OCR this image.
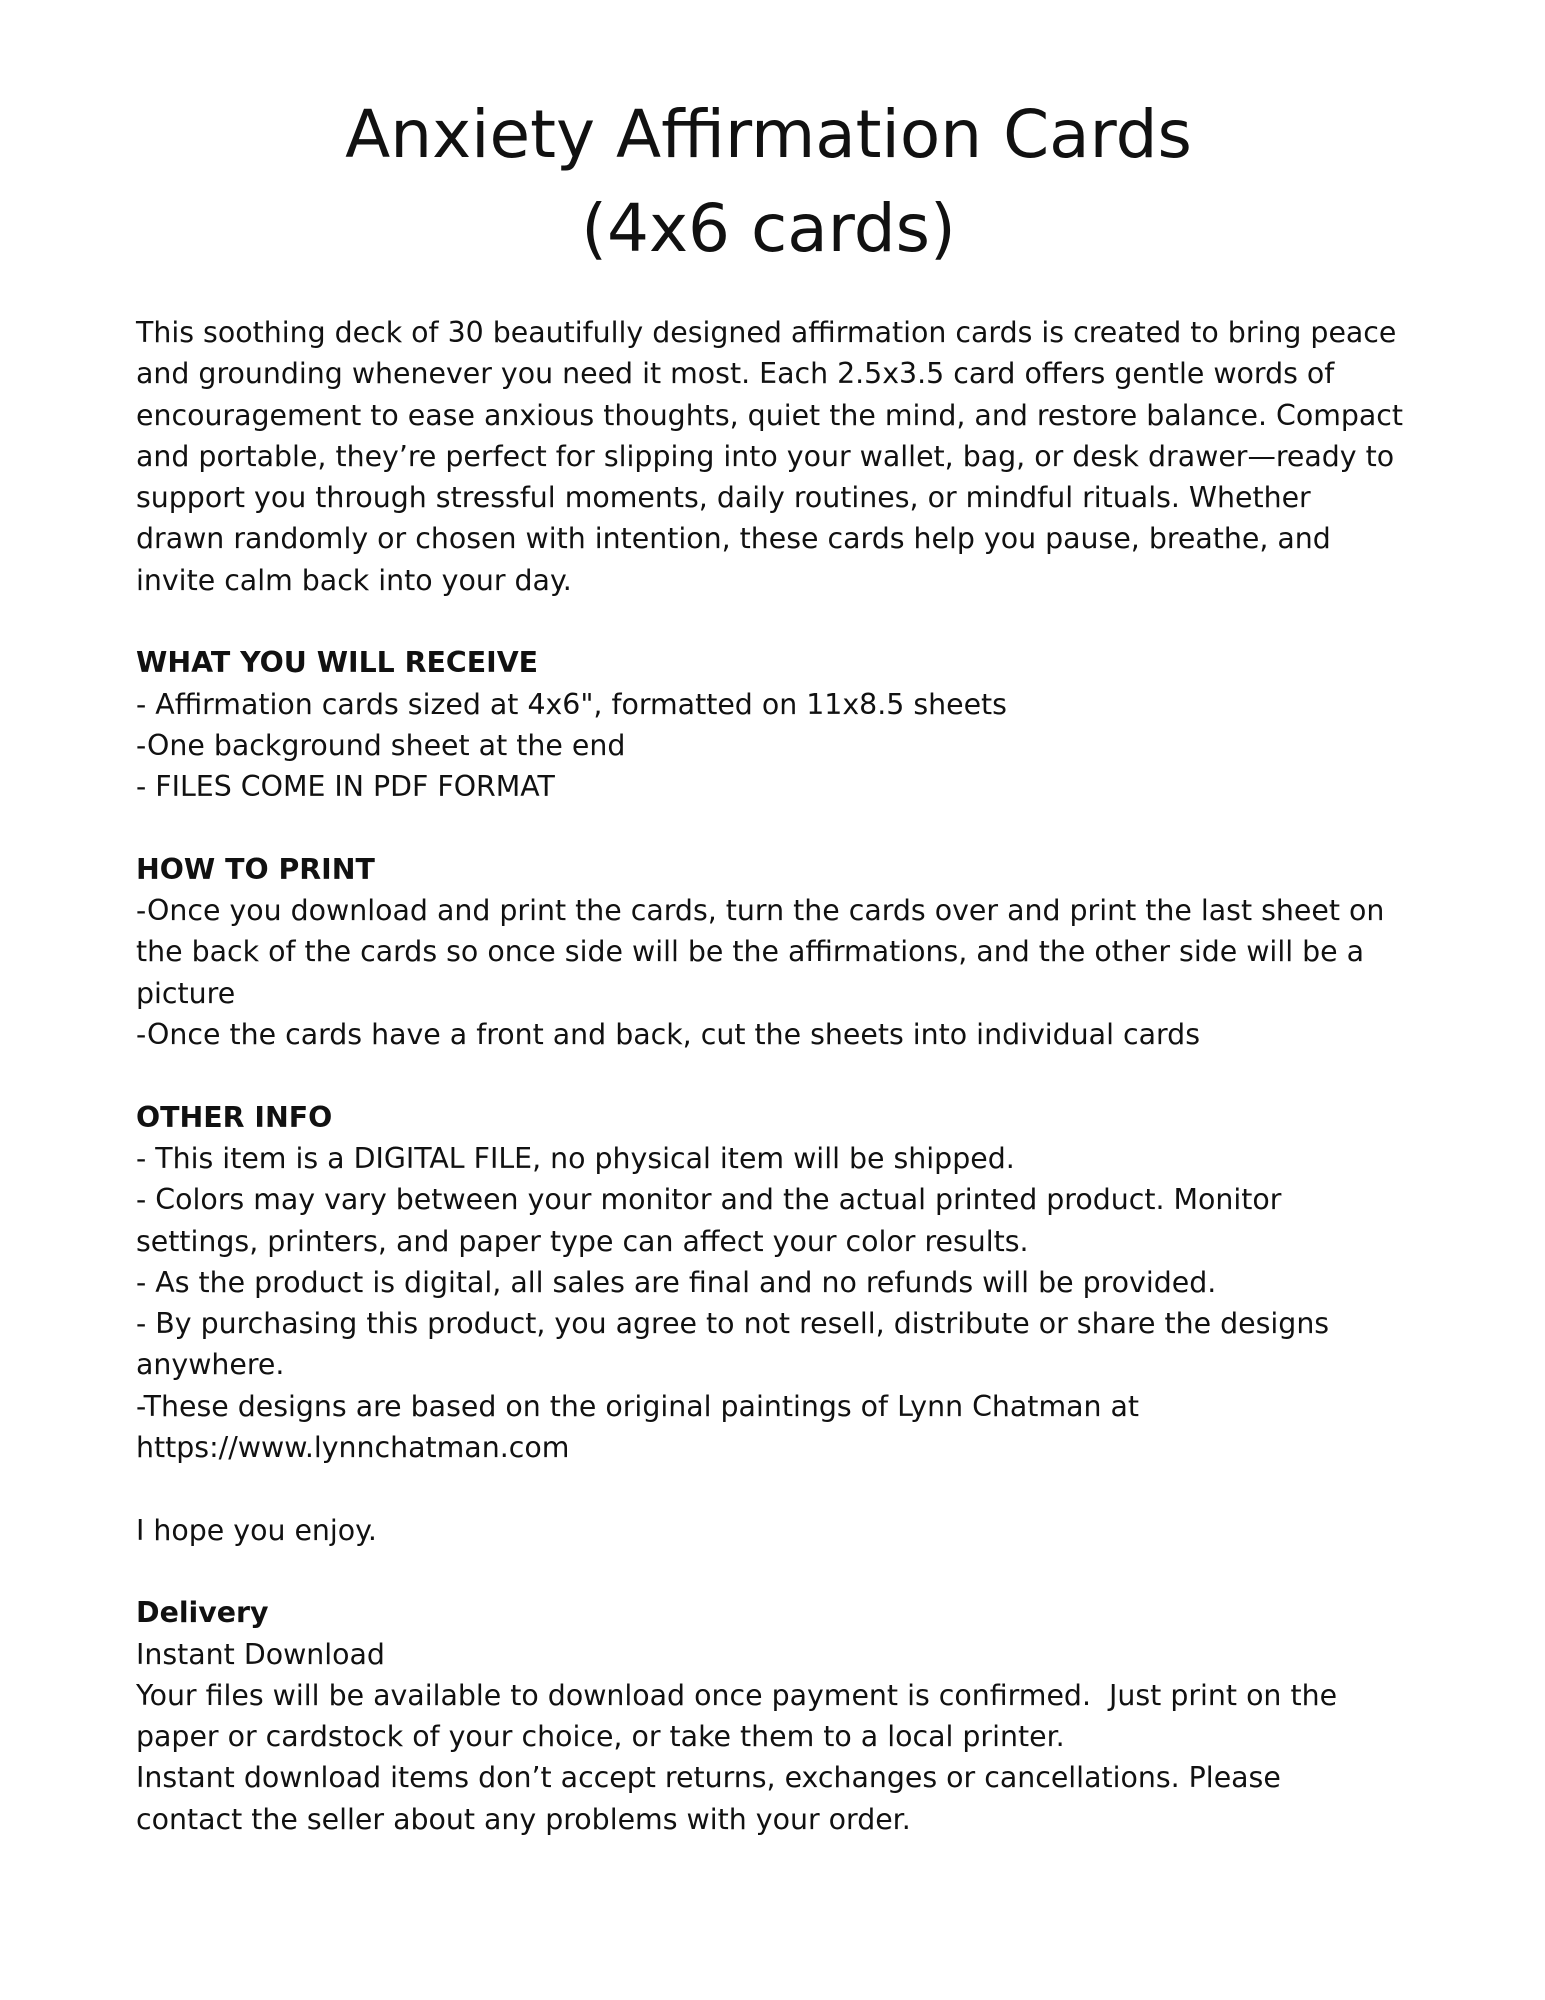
Anxiety Affirmation Cards
(4x6 cards)
This soothing deck of 30 beautifully designed affirmation cards is created to bring peace
and grounding whenever you need it most. Each 2.5x3.5 card offers gentle words of
encouragement to ease anxious thoughts, quiet the mind, and restore balance. Compact
and portable, they’re perfect for slipping into your wallet, bag, or desk drawer—ready to
support you through stressful moments, daily routines, or mindful rituals. Whether
drawn randomly or chosen with intention, these cards help you pause, breathe, and
invite calm back into your day.
WHAT YOU WILL RECEIVE
- Affirmation cards sized at 4x6", formatted on 11x8.5 sheets
-One background sheet at the end
- FILES COME IN PDF FORMAT
HOW TO PRINT
-Once you download and print the cards, turn the cards over and print the last sheet on
the back of the cards so once side will be the affirmations, and the other side will be a
picture
-Once the cards have a front and back, cut the sheets into individual cards
OTHER INFO
- This item is a DIGITAL FILE, no physical item will be shipped.
- Colors may vary between your monitor and the actual printed product. Monitor
settings, printers, and paper type can affect your color results.
- As the product is digital, all sales are final and no refunds will be provided.
- By purchasing this product, you agree to not resell, distribute or share the designs
anywhere.
-These designs are based on the original paintings of Lynn Chatman at
https://www.lynnchatman.com
I hope you enjoy.
Delivery
Instant Download
Your files will be available to download once payment is confirmed.  Just print on the
paper or cardstock of your choice, or take them to a local printer.
Instant download items don’t accept returns, exchanges or cancellations. Please
contact the seller about any problems with your order.
